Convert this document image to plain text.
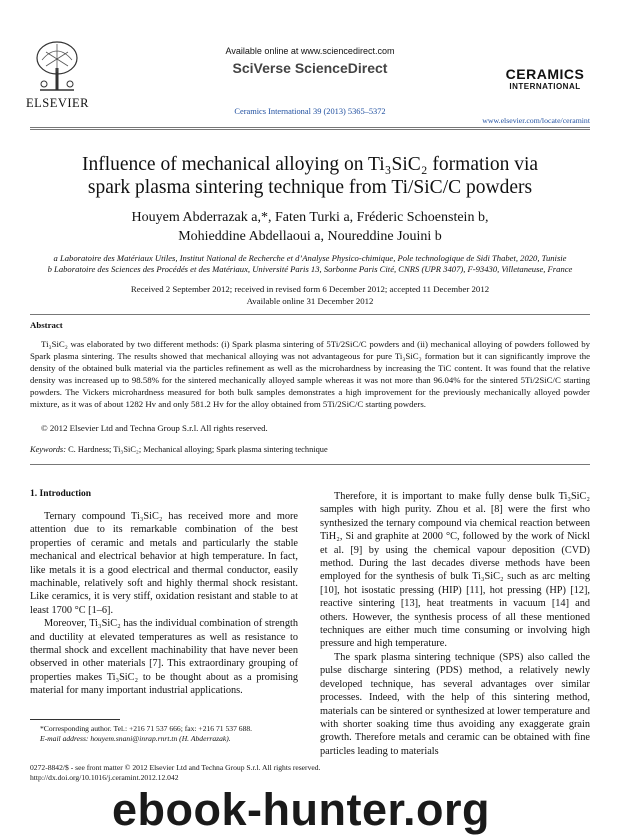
ELSEVIER
Available online at www.sciencedirect.com
SciVerse ScienceDirect
Ceramics International 39 (2013) 5365–5372
CERAMICS
INTERNATIONAL
www.elsevier.com/locate/ceramint
Influence of mechanical alloying on Ti₃SiC₂ formation via
spark plasma sintering technique from Ti/SiC/C powders
Houyem Abderrazak a,*, Faten Turki a, Fréderic Schoenstein b,
Mohieddine Abdellaoui a, Noureddine Jouini b
a Laboratoire des Matériaux Utiles, Institut National de Recherche et d’Analyse Physico-chimique, Pole technologique de Sidi Thabet, 2020, Tunisie
b Laboratoire des Sciences des Procédés et des Matériaux, Université Paris 13, Sorbonne Paris Cité, CNRS (UPR 3407), F-93430, Villetaneuse, France
Received 2 September 2012; received in revised form 6 December 2012; accepted 11 December 2012
Available online 31 December 2012
Abstract
Ti₃SiC₂ was elaborated by two different methods: (i) Spark plasma sintering of 5Ti/2SiC/C powders and (ii) mechanical alloying of powders followed by Spark plasma sintering. The results showed that mechanical alloying was not advantageous for pure Ti₃SiC₂ formation but it can significantly improve the density of the obtained bulk material via the particles refinement as well as the microhardness by increasing the TiC content. It was found that the relative density was increased up to 98.58% for the sintered mechanically alloyed sample whereas it was not more than 96.04% for the sintered 5Ti/2SiC/C starting powders. The Vickers microhardness measured for both bulk samples demonstrates a high improvement for the previously mechanically alloyed powder mixture, as it was of about 1282 Hv and only 581.2 Hv for the alloy obtained from 5Ti/2SiC/C starting powders.
© 2012 Elsevier Ltd and Techna Group S.r.l. All rights reserved.
Keywords: C. Hardness; Ti₃SiC₂; Mechanical alloying; Spark plasma sintering technique
1. Introduction

Ternary compound Ti₃SiC₂ has received more and more attention due to its remarkable combination of the best properties of ceramic and metals and particularly the stable mechanical and electrical behavior at high temperature. In fact, like metals it is a good electrical and thermal conductor, easily machinable, relatively soft and highly thermal shock resistant. Like ceramics, it is very stiff, oxidation resistant and stable to at least 1700 °C [1–6].

Moreover, Ti₃SiC₂ has the individual combination of strength and ductility at elevated temperatures as well as resistance to thermal shock and excellent machinability that have never been observed in other materials [7]. This extraordinary grouping of properties makes Ti₃SiC₂ to be thought about as a promising material for many important industrial applications.

*Corresponding author. Tel.: +216 71 537 666; fax: +216 71 537 688.
E-mail address: houyem.snani@inrap.rnrt.tn (H. Abderrazak).

Therefore, it is important to make fully dense bulk Ti₃SiC₂ samples with high purity. Zhou et al. [8] were the first who synthesized the ternary compound via chemical reaction between TiH₂, Si and graphite at 2000 °C, followed by the work of Nickl et al. [9] by using the chemical vapour deposition (CVD) method. During the last decades diverse methods have been employed for the synthesis of bulk Ti₃SiC₂ such as arc melting [10], hot isostatic pressing (HIP) [11], hot pressing (HP) [12], reactive sintering [13], heat treatments in vacuum [14] and others. However, the synthesis process of all these mentioned techniques are either much time consuming or involving high pressure and high temperature.

The spark plasma sintering technique (SPS) also called the pulse discharge sintering (PDS) method, a relatively newly developed technique, has several advantages over similar processes. Indeed, with the help of this sintering method, materials can be sintered or synthesized at lower temperature and with shorter soaking time thus avoiding any exaggerate grain growth. Therefore metals and ceramic can be obtained with fine particles leading to materials

0272-8842/$ - see front matter © 2012 Elsevier Ltd and Techna Group S.r.l. All rights reserved.
http://dx.doi.org/10.1016/j.ceramint.2012.12.042
ebook-hunter.org
